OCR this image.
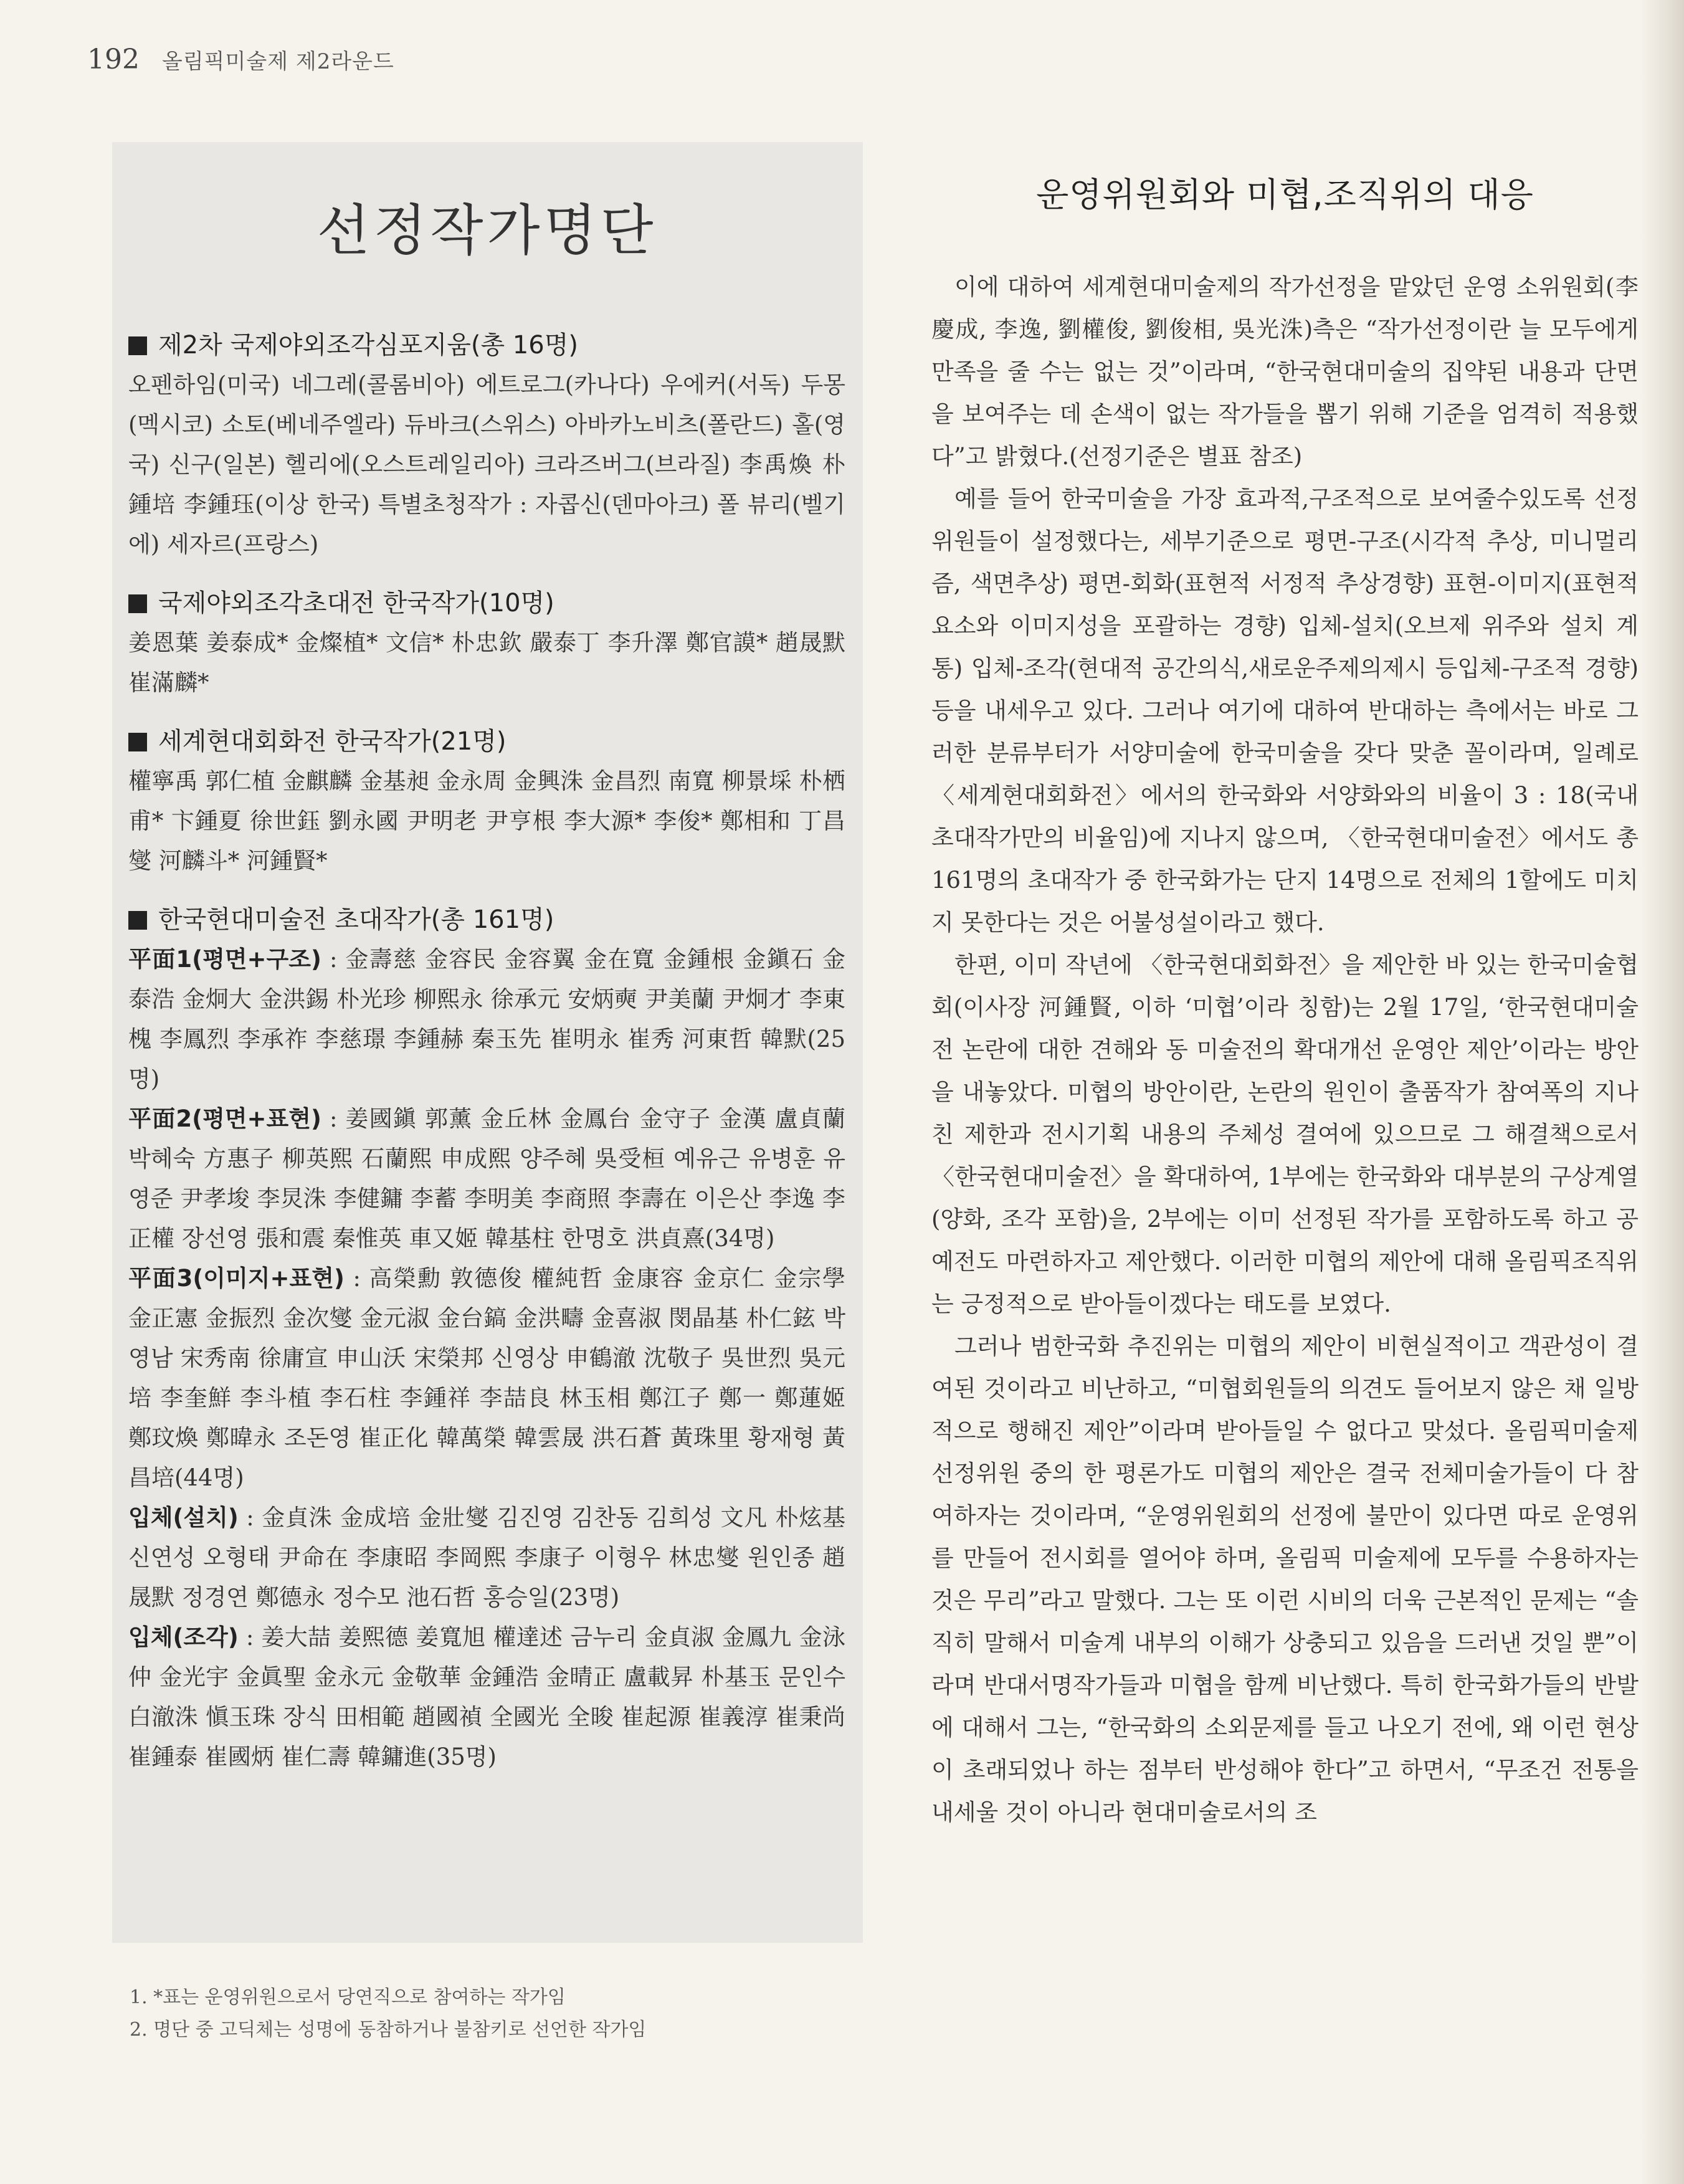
192 올림픽미술제 제2라운드
선정작가명단
제2차 국제야외조각심포지움(총 16명)
오펜하임(미국) 네그레(콜롬비아) 에트로그(카나다) 우에커(서독) 두몽(멕시코) 소토(베네주엘라) 듀바크(스위스) 아바카노비츠(폴란드) 홀(영국) 신구(일본) 헬리에(오스트레일리아) 크라즈버그(브라질) 李禹煥 朴鍾培 李鍾珏(이상 한국) 특별초청작가 : 자콥신(덴마아크) 폴 뷰리(벨기에) 세자르(프랑스)
국제야외조각초대전 한국작가(10명)
姜恩葉 姜泰成* 金燦植* 文信* 朴忠欽 嚴泰丁 李升澤 鄭官謨* 趙晟默 崔滿麟*
세계현대회화전 한국작가(21명)
權寧禹 郭仁植 金麒麟 金基昶 金永周 金興洙 金昌烈 南寬 柳景埰 朴栖甫* 卞鍾夏 徐世鈺 劉永國 尹明老 尹亨根 李大源* 李俊* 鄭相和 丁昌燮 河麟斗* 河鍾賢*
한국현대미술전 초대작가(총 161명)
平面1(평면+구조) : 金壽慈 金容民 金容翼 金在寬 金鍾根 金鎭石 金泰浩 金炯大 金洪錫 朴光珍 柳熙永 徐承元 安炳奭 尹美蘭 尹炯才 李東槐 李鳳烈 李承祚 李慈璟 李鍾赫 秦玉先 崔明永 崔秀 河東哲 韓默(25명)
平面2(평면+표현) : 姜國鎭 郭薰 金丘林 金鳳台 金守子 金漢 盧貞蘭 박혜숙 方惠子 柳英熙 石蘭熙 申成熙 양주혜 吳受桓 예유근 유병훈 유영준 尹孝埈 李炅洙 李健鏞 李蓄 李明美 李商照 李壽在 이은산 李逸 李正權 장선영 張和震 秦惟英 車又姬 韓基柱 한명호 洪貞熹(34명)
平面3(이미지+표현) : 高榮勳 敦德俊 權純哲 金康容 金京仁 金宗學 金正憲 金振烈 金次燮 金元淑 金台鎬 金洪疇 金喜淑 閔晶基 朴仁鉉 박영남 宋秀南 徐庸宣 申山沃 宋榮邦 신영상 申鶴澈 沈敬子 吳世烈 吳元培 李奎鮮 李斗植 李石柱 李鍾祥 李喆良 林玉相 鄭江子 鄭一 鄭蓮姬 鄭玟煥 鄭暐永 조돈영 崔正化 韓萬榮 韓雲晟 洪石蒼 黃珠里 황재형 黃昌培(44명)
입체(설치) : 金貞洙 金成培 金壯燮 김진영 김찬동 김희성 文凡 朴炫基 신연성 오형태 尹命在 李康昭 李岡熙 李康子 이형우 林忠燮 원인종 趙晟默 정경연 鄭德永 정수모 池石哲 홍승일(23명)
입체(조각) : 姜大喆 姜熙德 姜寬旭 權達述 금누리 金貞淑 金鳳九 金泳仲 金光宇 金眞聖 金永元 金敬華 金鍾浩 金晴正 盧載昇 朴基玉 문인수 白澈洙 愼玉珠 장식 田相範 趙國禎 全國光 全晙 崔起源 崔義淳 崔秉尚 崔鍾泰 崔國炳 崔仁壽 韓鏞進(35명)
1. *표는 운영위원으로서 당연직으로 참여하는 작가임
2. 명단 중 고딕체는 성명에 동참하거나 불참키로 선언한 작가임
운영위원회와 미협,조직위의 대응

이에 대하여 세계현대미술제의 작가선정을 맡았던 운영 소위원회(李慶成, 李逸, 劉權俊, 劉俊相, 吳光洙)측은 “작가선정이란 늘 모두에게 만족을 줄 수는 없는 것”이라며, “한국현대미술의 집약된 내용과 단면을 보여주는 데 손색이 없는 작가들을 뽑기 위해 기준을 엄격히 적용했다”고 밝혔다.(선정기준은 별표 참조)

예를 들어 한국미술을 가장 효과적,구조적으로 보여줄수있도록 선정위원들이 설정했다는, 세부기준으로 평면-구조(시각적 추상, 미니멀리즘, 색면추상) 평면-회화(표현적 서정적 추상경향) 표현-이미지(표현적 요소와 이미지성을 포괄하는 경향) 입체-설치(오브제 위주와 설치 계통) 입체-조각(현대적 공간의식,새로운주제의제시 등입체-구조적 경향) 등을 내세우고 있다. 그러나 여기에 대하여 반대하는 측에서는 바로 그러한 분류부터가 서양미술에 한국미술을 갖다 맞춘 꼴이라며, 일례로〈세계현대회화전〉에서의 한국화와 서양화와의 비율이 3 : 18(국내 초대작가만의 비율임)에 지나지 않으며, 〈한국현대미술전〉에서도 총 161명의 초대작가 중 한국화가는 단지 14명으로 전체의 1할에도 미치지 못한다는 것은 어불성설이라고 했다.

한편, 이미 작년에 〈한국현대회화전〉을 제안한 바 있는 한국미술협회(이사장 河鍾賢, 이하 ‘미협’이라 칭함)는 2월 17일, ‘한국현대미술전 논란에 대한 견해와 동 미술전의 확대개선 운영안 제안’이라는 방안을 내놓았다. 미협의 방안이란, 논란의 원인이 출품작가 참여폭의 지나친 제한과 전시기획 내용의 주체성 결여에 있으므로 그 해결책으로서 〈한국현대미술전〉을 확대하여, 1부에는 한국화와 대부분의 구상계열(양화, 조각 포함)을, 2부에는 이미 선정된 작가를 포함하도록 하고 공예전도 마련하자고 제안했다. 이러한 미협의 제안에 대해 올림픽조직위는 긍정적으로 받아들이겠다는 태도를 보였다.

그러나 범한국화 추진위는 미협의 제안이 비현실적이고 객관성이 결여된 것이라고 비난하고, “미협회원들의 의견도 들어보지 않은 채 일방적으로 행해진 제안”이라며 받아들일 수 없다고 맞섰다. 올림픽미술제 선정위원 중의 한 평론가도 미협의 제안은 결국 전체미술가들이 다 참여하자는 것이라며, “운영위원회의 선정에 불만이 있다면 따로 운영위를 만들어 전시회를 열어야 하며, 올림픽 미술제에 모두를 수용하자는 것은 무리”라고 말했다. 그는 또 이런 시비의 더욱 근본적인 문제는 “솔직히 말해서 미술계 내부의 이해가 상충되고 있음을 드러낸 것일 뿐”이라며 반대서명작가들과 미협을 함께 비난했다. 특히 한국화가들의 반발에 대해서 그는, “한국화의 소외문제를 들고 나오기 전에, 왜 이런 현상이 초래되었나 하는 점부터 반성해야 한다”고 하면서, “무조건 전통을 내세울 것이 아니라 현대미술로서의 조
